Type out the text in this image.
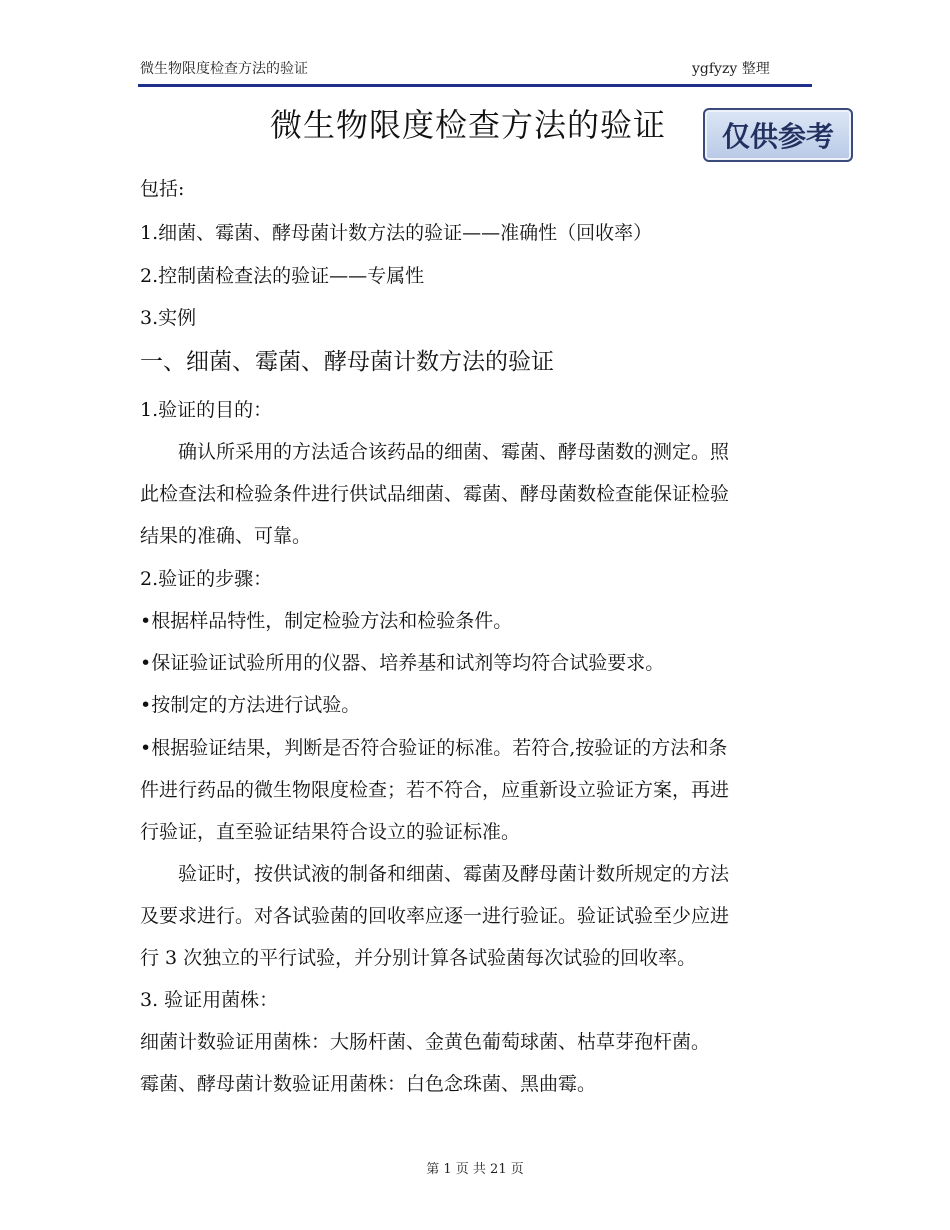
微生物限度检查方法的验证	ygfyzy 整理
微生物限度检查方法的验证	仅供参考
包括:
1.细菌、霉菌、酵母菌计数方法的验证——准确性（回收率）
2.控制菌检查法的验证——专属性
3.实例
一、细菌、霉菌、酵母菌计数方法的验证
1.验证的目的：
　　确认所采用的方法适合该药品的细菌、霉菌、酵母菌数的测定。照
此检查法和检验条件进行供试品细菌、霉菌、酵母菌数检查能保证检验
结果的准确、可靠。
2.验证的步骤：
•根据样品特性，制定检验方法和检验条件。
•保证验证试验所用的仪器、培养基和试剂等均符合试验要求。
•按制定的方法进行试验。
•根据验证结果，判断是否符合验证的标准。若符合,按验证的方法和条
件进行药品的微生物限度检查；若不符合，应重新设立验证方案，再进
行验证，直至验证结果符合设立的验证标准。
　　验证时，按供试液的制备和细菌、霉菌及酵母菌计数所规定的方法
及要求进行。对各试验菌的回收率应逐一进行验证。验证试验至少应进
行 3 次独立的平行试验，并分别计算各试验菌每次试验的回收率。
3. 验证用菌株：
细菌计数验证用菌株：大肠杆菌、金黄色葡萄球菌、枯草芽孢杆菌。
霉菌、酵母菌计数验证用菌株：白色念珠菌、黑曲霉。
第 1 页 共 21 页
